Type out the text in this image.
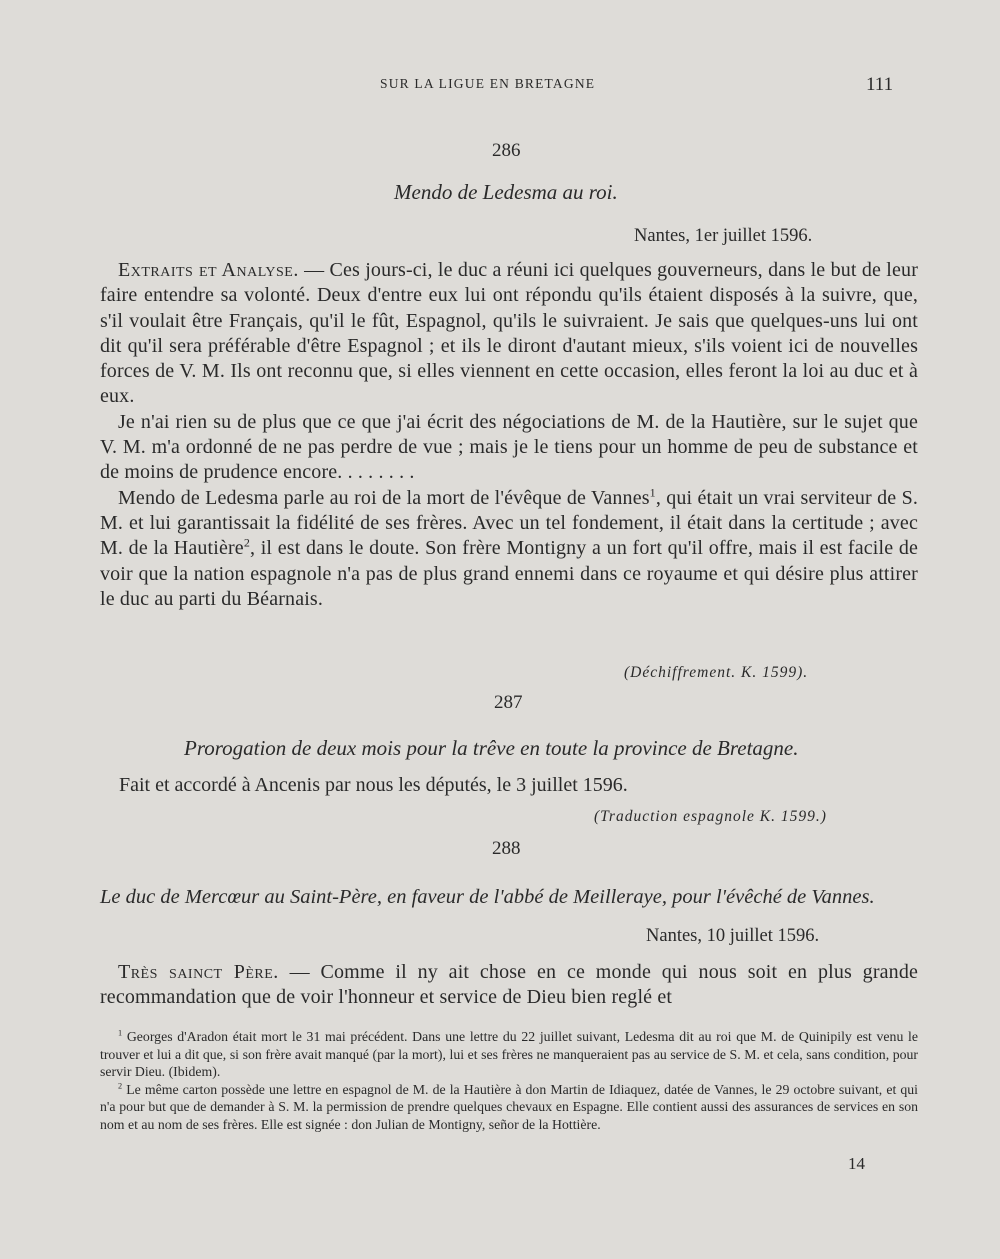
SUR LA LIGUE EN BRETAGNE	111
286
Mendo de Ledesma au roi.
Nantes, 1er juillet 1596.

Extraits et Analyse. — Ces jours-ci, le duc a réuni ici quelques gouverneurs, dans le but de leur faire entendre sa volonté. Deux d'entre eux lui ont répondu qu'ils étaient disposés à la suivre, que, s'il voulait être Français, qu'il le fût, Espagnol, qu'ils le suivraient. Je sais que quelques-uns lui ont dit qu'il sera préférable d'être Espagnol ; et ils le diront d'autant mieux, s'ils voient ici de nouvelles forces de V. M. Ils ont reconnu que, si elles viennent en cette occasion, elles feront la loi au duc et à eux.

Je n'ai rien su de plus que ce que j'ai écrit des négociations de M. de la Hautière, sur le sujet que V. M. m'a ordonné de ne pas perdre de vue ; mais je le tiens pour un homme de peu de substance et de moins de prudence encore. . . . . . . .

Mendo de Ledesma parle au roi de la mort de l'évêque de Vannes$^1$, qui était un vrai serviteur de S. M. et lui garantissait la fidélité de ses frères. Avec un tel fondement, il était dans la certitude ; avec M. de la Hautière$^2$, il est dans le doute. Son frère Montigny a un fort qu'il offre, mais il est facile de voir que la nation espagnole n'a pas de plus grand ennemi dans ce royaume et qui désire plus attirer le duc au parti du Béarnais.

(Déchiffrement. K. 1599).
287
Prorogation de deux mois pour la trêve en toute la province de Bretagne.
Fait et accordé à Ancenis par nous les députés, le 3 juillet 1596.
(Traduction espagnole K. 1599.)
288
Le duc de Mercœur au Saint-Père, en faveur de l'abbé de Meilleraye, pour l'évêché de Vannes.
Nantes, 10 juillet 1596.

Très sainct Père. — Comme il ny ait chose en ce monde qui nous soit en plus grande recommandation que de voir l'honneur et service de Dieu bien reglé et

$^1$ Georges d'Aradon était mort le 31 mai précédent. Dans une lettre du 22 juillet suivant, Ledesma dit au roi que M. de Quinipily est venu le trouver et lui a dit que, si son frère avait manqué (par la mort), lui et ses frères ne manqueraient pas au service de S. M. et cela, sans condition, pour servir Dieu. (Ibidem).

$^2$ Le même carton possède une lettre en espagnol de M. de la Hautière à don Martin de Idiaquez, datée de Vannes, le 29 octobre suivant, et qui n'a pour but que de demander à S. M. la permission de prendre quelques chevaux en Espagne. Elle contient aussi des assurances de services en son nom et au nom de ses frères. Elle est signée : don Julian de Montigny, señor de la Hottière.

14
